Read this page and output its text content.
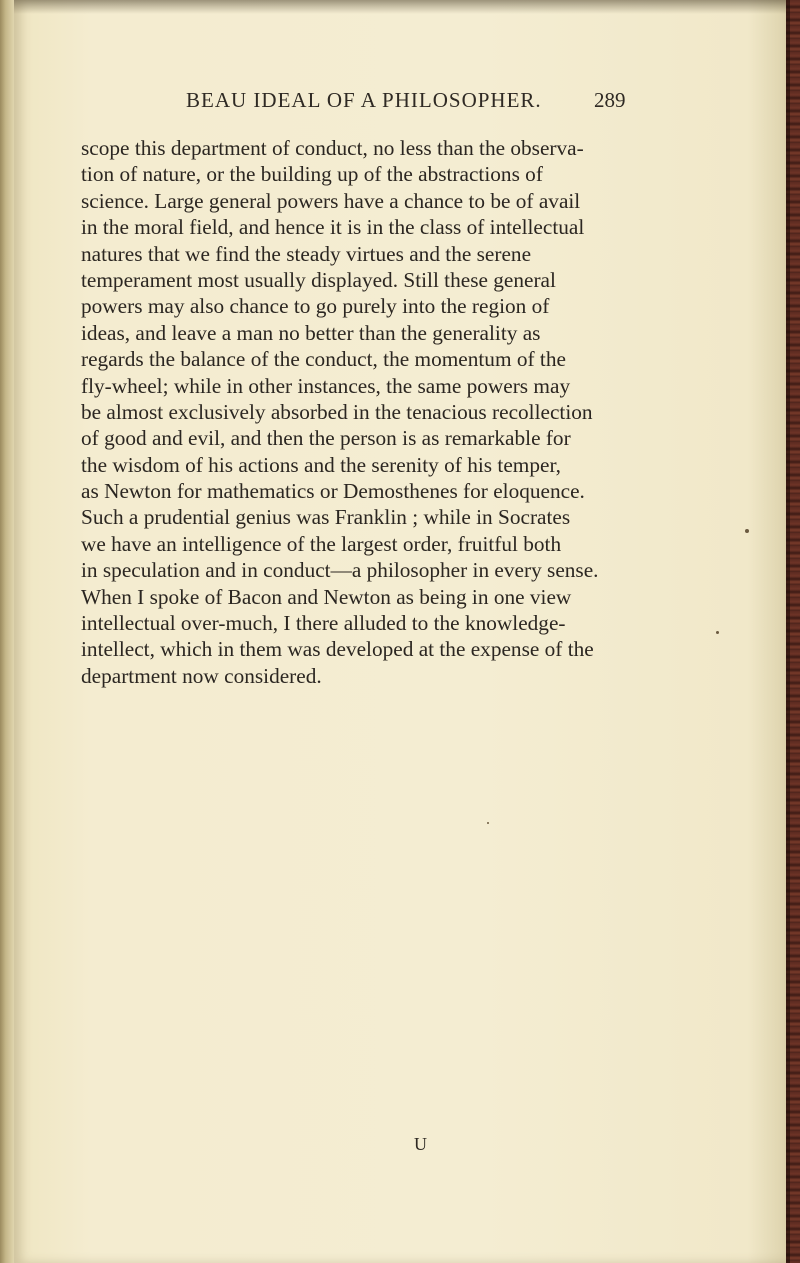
BEAU IDEAL OF A PHILOSOPHER. 289
scope this department of conduct, no less than the observa-
tion of nature, or the building up of the abstractions of
science. Large general powers have a chance to be of avail
in the moral field, and hence it is in the class of intellectual
natures that we find the steady virtues and the serene
temperament most usually displayed. Still these general
powers may also chance to go purely into the region of
ideas, and leave a man no better than the generality as
regards the balance of the conduct, the momentum of the
fly-wheel; while in other instances, the same powers may
be almost exclusively absorbed in the tenacious recollection
of good and evil, and then the person is as remarkable for
the wisdom of his actions and the serenity of his temper,
as Newton for mathematics or Demosthenes for eloquence.
Such a prudential genius was Franklin ; while in Socrates
we have an intelligence of the largest order, fruitful both
in speculation and in conduct—a philosopher in every sense.
When I spoke of Bacon and Newton as being in one view
intellectual over-much, I there alluded to the knowledge-
intellect, which in them was developed at the expense of the
department now considered.
U
